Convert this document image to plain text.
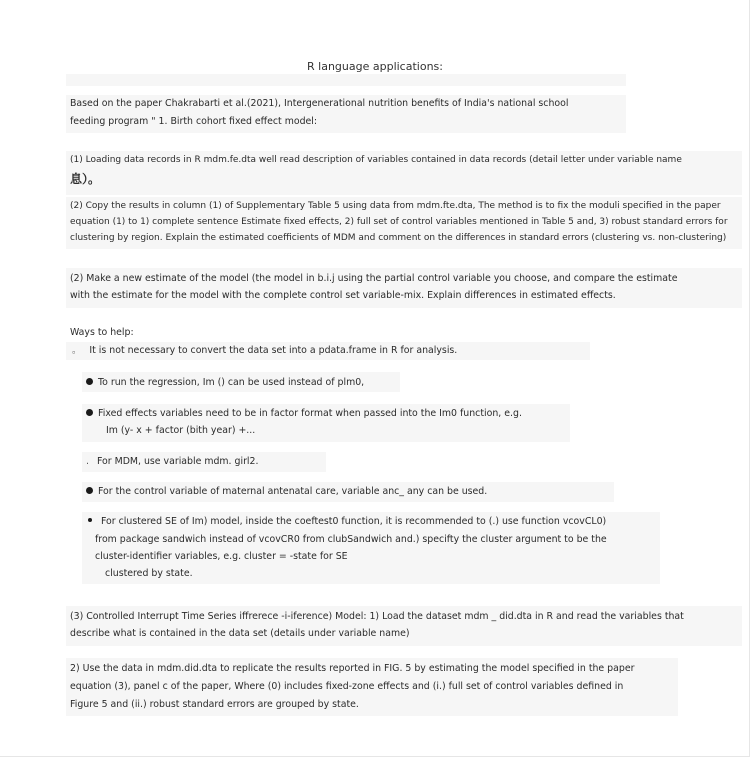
R language applications:
Based on the paper Chakrabarti et al.(2021), Intergenerational nutrition benefits of India's national school
feeding program " 1. Birth cohort fixed effect model:
(1) Loading data records in R mdm.fe.dta well read description of variables contained in data records (detail letter under variable name
息）。
(2) Copy the results in column (1) of Supplementary Table 5 using data from mdm.fte.dta, The method is to fix the moduli specified in the paper
equation (1) to 1) complete sentence Estimate fixed effects, 2) full set of control variables mentioned in Table 5 and, 3) robust standard errors for
clustering by region. Explain the estimated coefficients of MDM and comment on the differences in standard errors (clustering vs. non-clustering)
(2) Make a new estimate of the model (the model in b.i.j using the partial control variable you choose, and compare the estimate
with the estimate for the model with the complete control set variable-mix. Explain differences in estimated effects.
Ways to help:
。 It is not necessary to convert the data set into a pdata.frame in R for analysis.
To run the regression, Im () can be used instead of plm0,
Fixed effects variables need to be in factor format when passed into the Im0 function, e.g.
Im (y- x + factor (bith year) +...
. For MDM, use variable mdm. girl2.
For the control variable of maternal antenatal care, variable anc_ any can be used.
For clustered SE of Im) model, inside the coeftest0 function, it is recommended to (.) use function vcovCL0)
from package sandwich instead of vcovCR0 from clubSandwich and.) specifty the cluster argument to be the
cluster-identifier variables, e.g. cluster = -state for SE
clustered by state.
(3) Controlled Interrupt Time Series iffrerece -i-iference) Model: 1) Load the dataset mdm _ did.dta in R and read the variables that
describe what is contained in the data set (details under variable name)
2) Use the data in mdm.did.dta to replicate the results reported in FIG. 5 by estimating the model specified in the paper
equation (3), panel c of the paper, Where (0) includes fixed-zone effects and (i.) full set of control variables defined in
Figure 5 and (ii.) robust standard errors are grouped by state.
